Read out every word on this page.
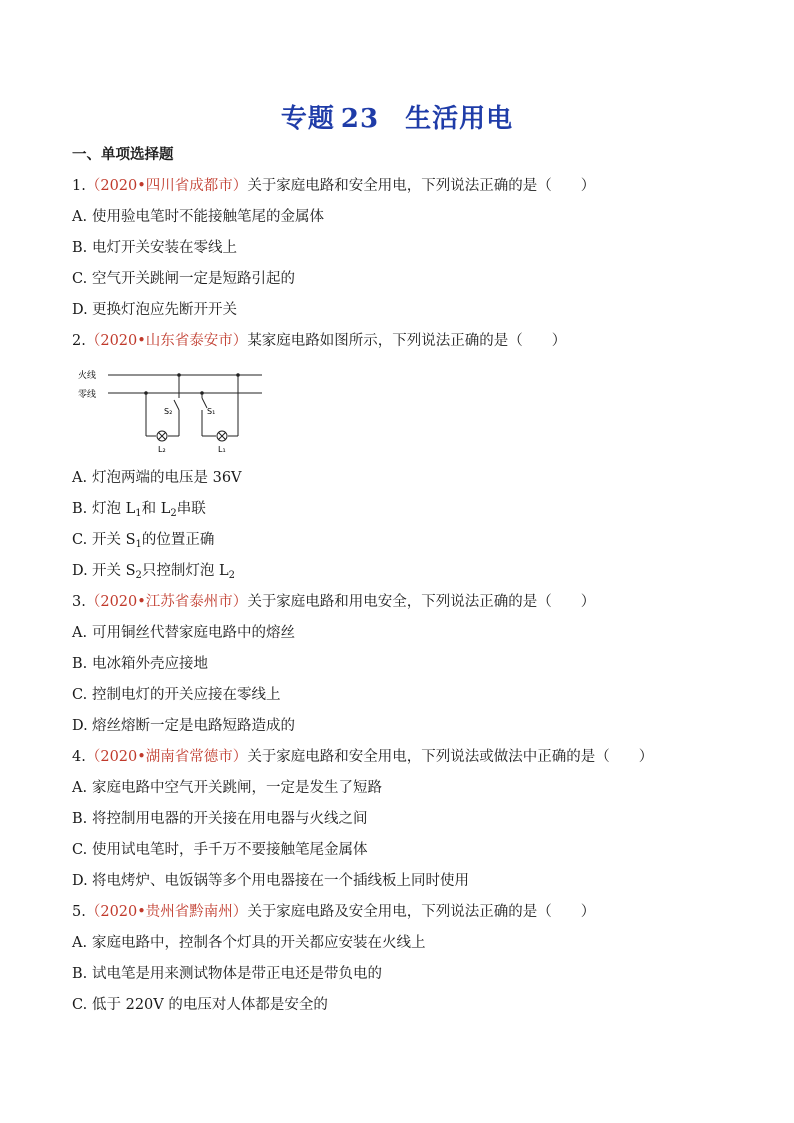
专题 23 生活用电
一、单项选择题
1.（2020•四川省成都市）关于家庭电路和安全用电，下列说法正确的是（　　）
A. 使用验电笔时不能接触笔尾的金属体
B. 电灯开关安装在零线上
C. 空气开关跳闸一定是短路引起的
D. 更换灯泡应先断开开关
2.（2020•山东省泰安市）某家庭电路如图所示，下列说法正确的是（　　）
火线
零线
S₂
L₂
S₁
L₁
A. 灯泡两端的电压是 36V
B. 灯泡 $L_1$和 $L_2$串联
C. 开关 $S_1$的位置正确
D. 开关 $S_2$只控制灯泡 $L_2$
3.（2020•江苏省泰州市）关于家庭电路和用电安全，下列说法正确的是（　　）
A. 可用铜丝代替家庭电路中的熔丝
B. 电冰箱外壳应接地
C. 控制电灯的开关应接在零线上
D. 熔丝熔断一定是电路短路造成的
4.（2020•湖南省常德市）关于家庭电路和安全用电，下列说法或做法中正确的是（　　）
A. 家庭电路中空气开关跳闸，一定是发生了短路
B. 将控制用电器的开关接在用电器与火线之间
C. 使用试电笔时，手千万不要接触笔尾金属体
D. 将电烤炉、电饭锅等多个用电器接在一个插线板上同时使用
5.（2020•贵州省黔南州）关于家庭电路及安全用电，下列说法正确的是（　　）
A. 家庭电路中，控制各个灯具的开关都应安装在火线上
B. 试电笔是用来测试物体是带正电还是带负电的
C. 低于 220V 的电压对人体都是安全的
